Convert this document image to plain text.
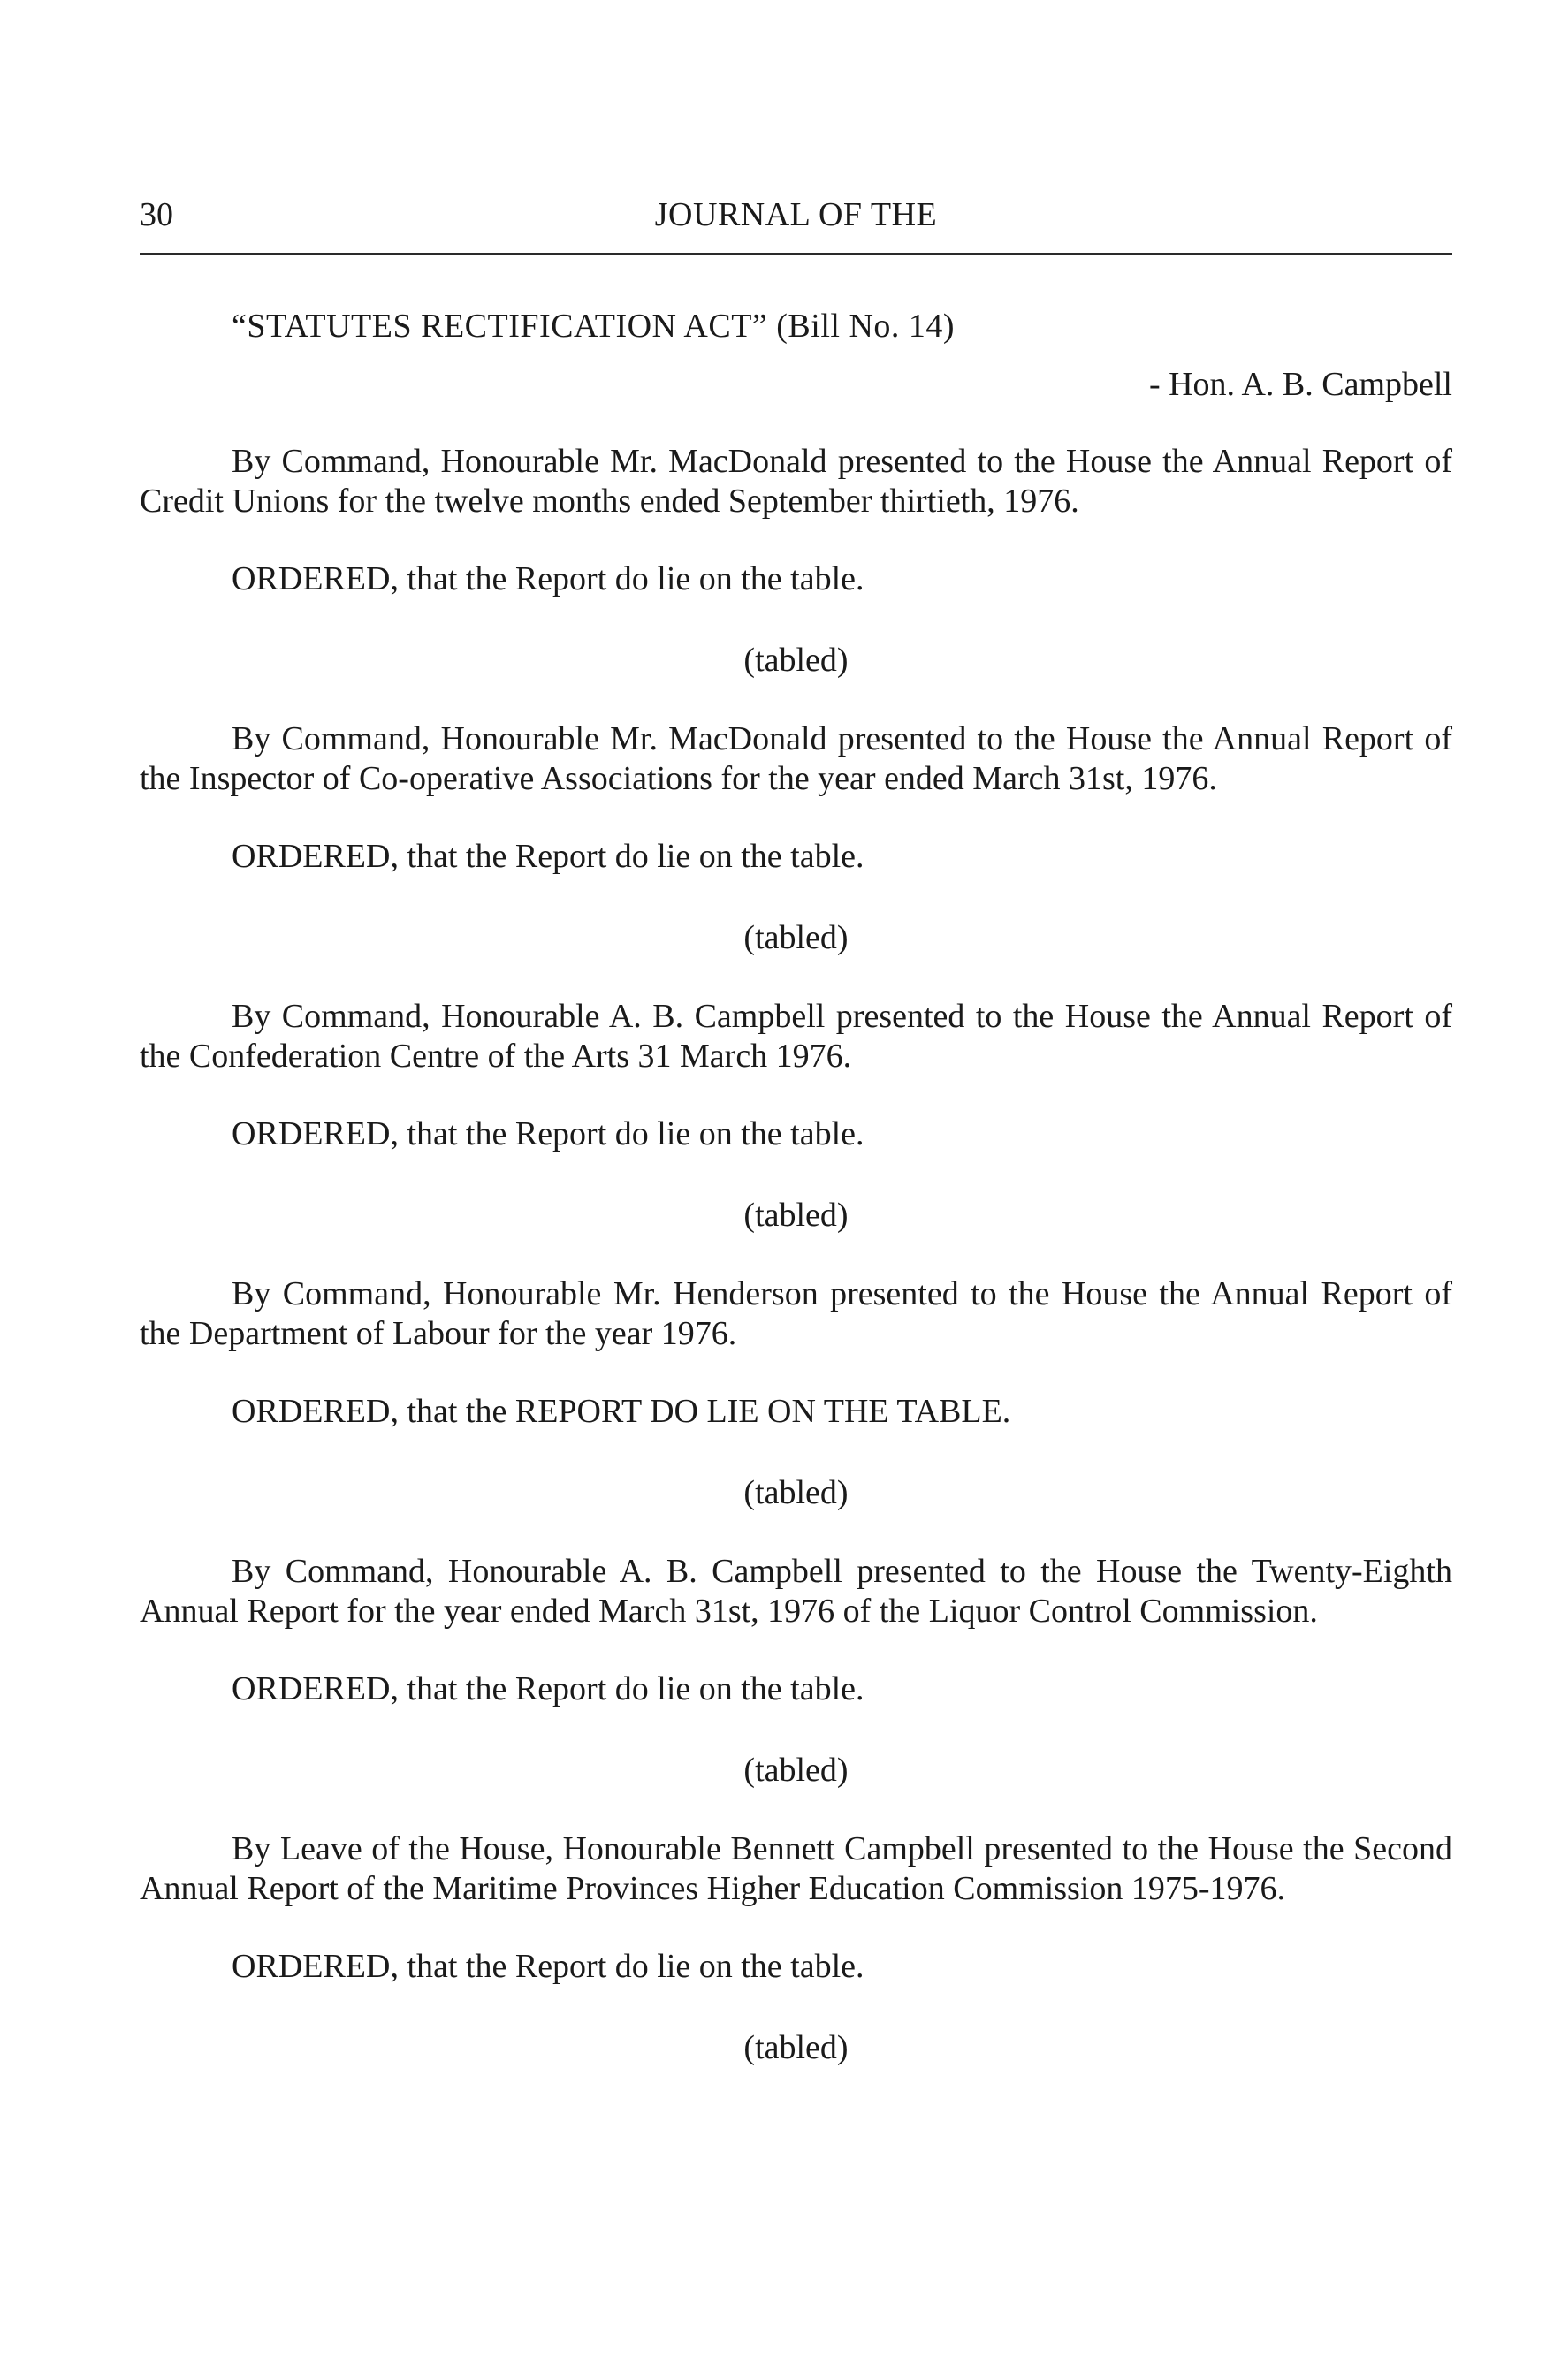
30	JOURNAL OF THE
“STATUTES RECTIFICATION ACT” (Bill No. 14)
- Hon. A. B. Campbell

By Command, Honourable Mr. MacDonald presented to the House the Annual Report of Credit Unions for the twelve months ended September thirtieth, 1976.

ORDERED, that the Report do lie on the table.

(tabled)

By Command, Honourable Mr. MacDonald presented to the House the Annual Report of the Inspector of Co-operative Associations for the year ended March 31st, 1976.

ORDERED, that the Report do lie on the table.

(tabled)

By Command, Honourable A. B. Campbell presented to the House the Annual Report of the Confederation Centre of the Arts 31 March 1976.

ORDERED, that the Report do lie on the table.

(tabled)

By Command, Honourable Mr. Henderson presented to the House the Annual Report of the Department of Labour for the year 1976.

ORDERED, that the REPORT DO LIE ON THE TABLE.

(tabled)

By Command, Honourable A. B. Campbell presented to the House the Twenty-Eighth Annual Report for the year ended March 31st, 1976 of the Liquor Control Commission.

ORDERED, that the Report do lie on the table.

(tabled)

By Leave of the House, Honourable Bennett Campbell presented to the House the Second Annual Report of the Maritime Provinces Higher Education Commission 1975-1976.

ORDERED, that the Report do lie on the table.

(tabled)
